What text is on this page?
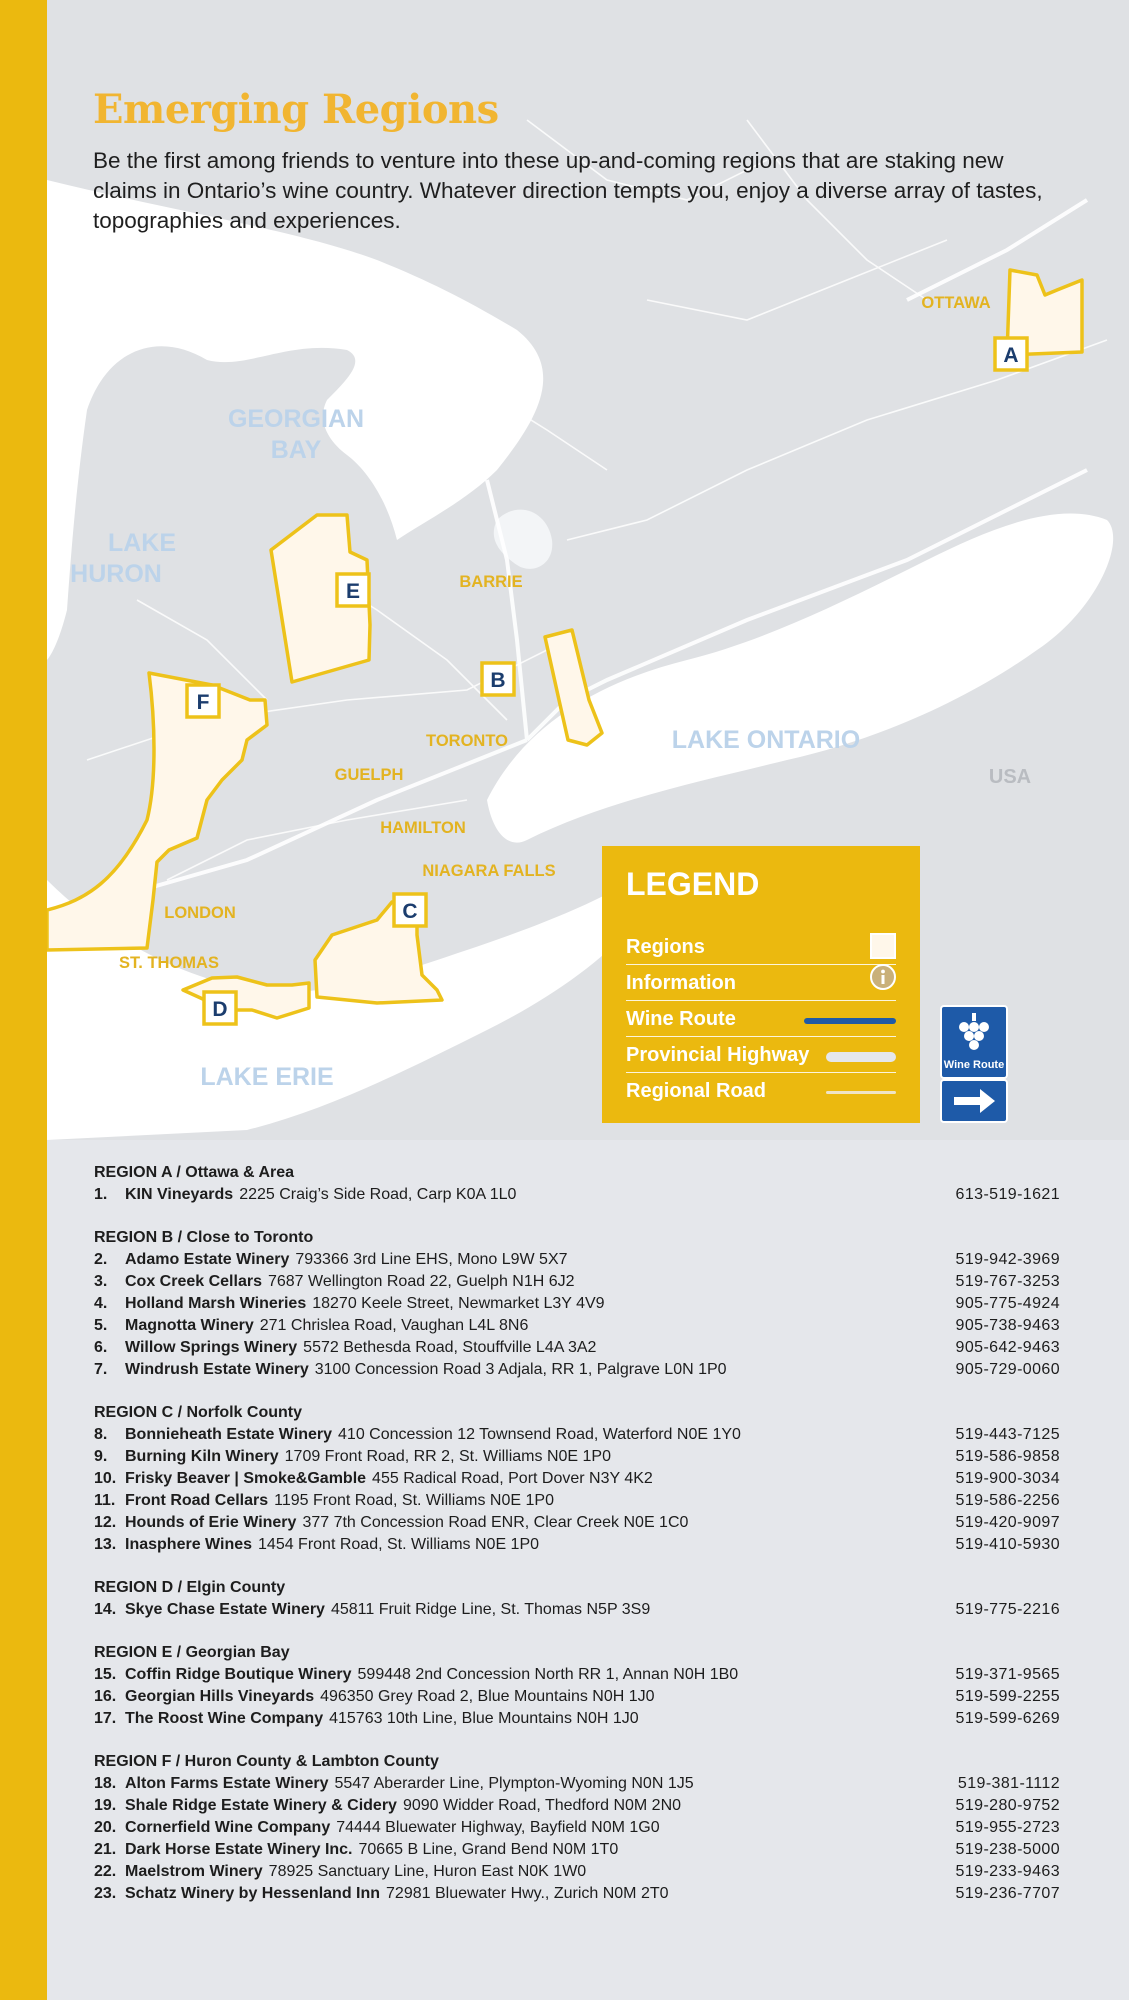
GEORGIAN
BAY
LAKE
HURON
LAKE ONTARIO
LAKE ERIE
USA
OTTAWA
BARRIE
TORONTO
GUELPH
HAMILTON
NIAGARA FALLS
LONDON
ST. THOMAS
A
B
C
D
E
F
Emerging Regions

Be the first among friends to venture into these up-and-coming regions that are staking new claims in Ontario’s wine country. Whatever direction tempts you, enjoy a diverse array of tastes, topographies and experiences.

LEGEND
Regions
Information
Wine Route
Provincial Highway
Regional Road
Wine Route
REGION A / Ottawa & Area
1. KIN Vineyards 2225 Craig’s Side Road, Carp K0A 1L0	613-519-1621
REGION B / Close to Toronto
2. Adamo Estate Winery 793366 3rd Line EHS, Mono L9W 5X7	519-942-3969
3. Cox Creek Cellars 7687 Wellington Road 22, Guelph N1H 6J2	519-767-3253
4. Holland Marsh Wineries 18270 Keele Street, Newmarket L3Y 4V9	905-775-4924
5. Magnotta Winery 271 Chrislea Road, Vaughan L4L 8N6	905-738-9463
6. Willow Springs Winery 5572 Bethesda Road, Stouffville L4A 3A2	905-642-9463
7. Windrush Estate Winery 3100 Concession Road 3 Adjala, RR 1, Palgrave L0N 1P0	905-729-0060
REGION C / Norfolk County
8. Bonnieheath Estate Winery 410 Concession 12 Townsend Road, Waterford N0E 1Y0	519-443-7125
9. Burning Kiln Winery 1709 Front Road, RR 2, St. Williams N0E 1P0	519-586-9858
10. Frisky Beaver | Smoke&Gamble 455 Radical Road, Port Dover N3Y 4K2	519-900-3034
11. Front Road Cellars 1195 Front Road, St. Williams N0E 1P0	519-586-2256
12. Hounds of Erie Winery 377 7th Concession Road ENR, Clear Creek N0E 1C0	519-420-9097
13. Inasphere Wines 1454 Front Road, St. Williams N0E 1P0	519-410-5930
REGION D / Elgin County
14. Skye Chase Estate Winery 45811 Fruit Ridge Line, St. Thomas N5P 3S9	519-775-2216
REGION E / Georgian Bay
15. Coffin Ridge Boutique Winery 599448 2nd Concession North RR 1, Annan N0H 1B0	519-371-9565
16. Georgian Hills Vineyards 496350 Grey Road 2, Blue Mountains N0H 1J0	519-599-2255
17. The Roost Wine Company 415763 10th Line, Blue Mountains N0H 1J0	519-599-6269
REGION F / Huron County & Lambton County
18. Alton Farms Estate Winery 5547 Aberarder Line, Plympton-Wyoming N0N 1J5	519-381-1112
19. Shale Ridge Estate Winery & Cidery 9090 Widder Road, Thedford N0M 2N0	519-280-9752
20. Cornerfield Wine Company 74444 Bluewater Highway, Bayfield N0M 1G0	519-955-2723
21. Dark Horse Estate Winery Inc. 70665 B Line, Grand Bend N0M 1T0	519-238-5000
22. Maelstrom Winery 78925 Sanctuary Line, Huron East N0K 1W0	519-233-9463
23. Schatz Winery by Hessenland Inn 72981 Bluewater Hwy., Zurich N0M 2T0	519-236-7707
